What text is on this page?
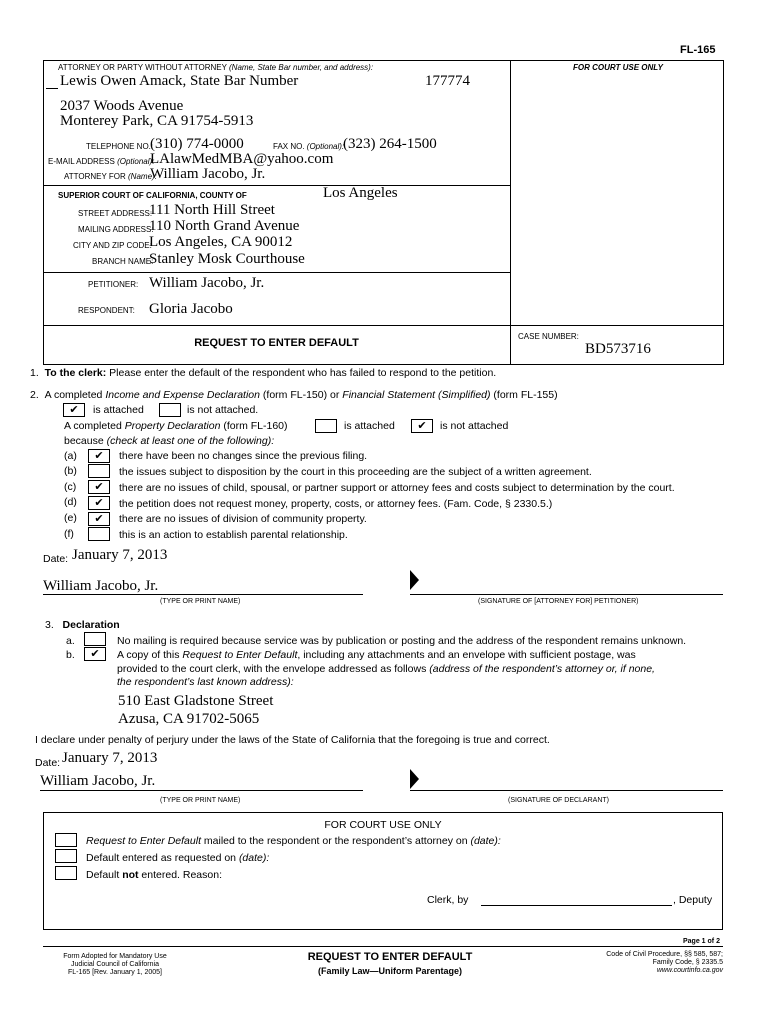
FL-165
ATTORNEY OR PARTY WITHOUT ATTORNEY (Name, State Bar number, and address):	FOR COURT USE ONLY
Lewis Owen Amack, State Bar Number	177774
2037 Woods Avenue
Monterey Park, CA 91754-5913
TELEPHONE NO.:
(310) 774-0000	FAX NO. (Optional):
(323) 264-1500
E-MAIL ADDRESS (Optional):
LAlawMedMBA@yahoo.com
ATTORNEY FOR (Name):
William Jacobo, Jr.
SUPERIOR COURT OF CALIFORNIA, COUNTY OF	Los Angeles
STREET ADDRESS:
111 North Hill Street
MAILING ADDRESS:
110 North Grand Avenue
CITY AND ZIP CODE:
Los Angeles, CA 90012
BRANCH NAME:
Stanley Mosk Courthouse
PETITIONER: William Jacobo, Jr.
RESPONDENT: Gloria Jacobo
REQUEST TO ENTER DEFAULT
CASE NUMBER:
BD573716
1. To the clerk: Please enter the default of the respondent who has failed to respond to the petition.
2. A completed Income and Expense Declaration (form FL-150) or Financial Statement (Simplified) (form FL-155)
✔	is attached	is not attached.
A completed Property Declaration (form FL-160)	is attached	✔	is not attached
because (check at least one of the following):
(a)	✔	there have been no changes since the previous filing.
(b)	the issues subject to disposition by the court in this proceeding are the subject of a written agreement.
(c)	✔	there are no issues of child, spousal, or partner support or attorney fees and costs subject to determination by the court.
(d)	✔	the petition does not request money, property, costs, or attorney fees. (Fam. Code, § 2330.5.)
(e)	✔	there are no issues of division of community property.
(f)	this is an action to establish parental relationship.
Date: January 7, 2013
William Jacobo, Jr.
(TYPE OR PRINT NAME)	(SIGNATURE OF [ATTORNEY FOR] PETITIONER)
3. Declaration
a.	No mailing is required because service was by publication or posting and the address of the respondent remains unknown.
b.	✔	A copy of this Request to Enter Default, including any attachments and an envelope with sufficient postage, was
provided to the court clerk, with the envelope addressed as follows (address of the respondent’s attorney or, if none,
the respondent’s last known address):
510 East Gladstone Street
Azusa, CA 91702-5065
I declare under penalty of perjury under the laws of the State of California that the foregoing is true and correct.
Date: January 7, 2013
William Jacobo, Jr.
(TYPE OR PRINT NAME)	(SIGNATURE OF DECLARANT)
FOR COURT USE ONLY
Request to Enter Default mailed to the respondent or the respondent’s attorney on (date):
Default entered as requested on (date):
Default not entered. Reason:
Clerk, by	, Deputy
Page 1 of 2
Form Adopted for Mandatory Use
Judicial Council of California
FL-165 [Rev. January 1, 2005]
REQUEST TO ENTER DEFAULT
(Family Law—Uniform Parentage)
Code of Civil Procedure, §§ 585, 587;
Family Code, § 2335.5
www.courtinfo.ca.gov
